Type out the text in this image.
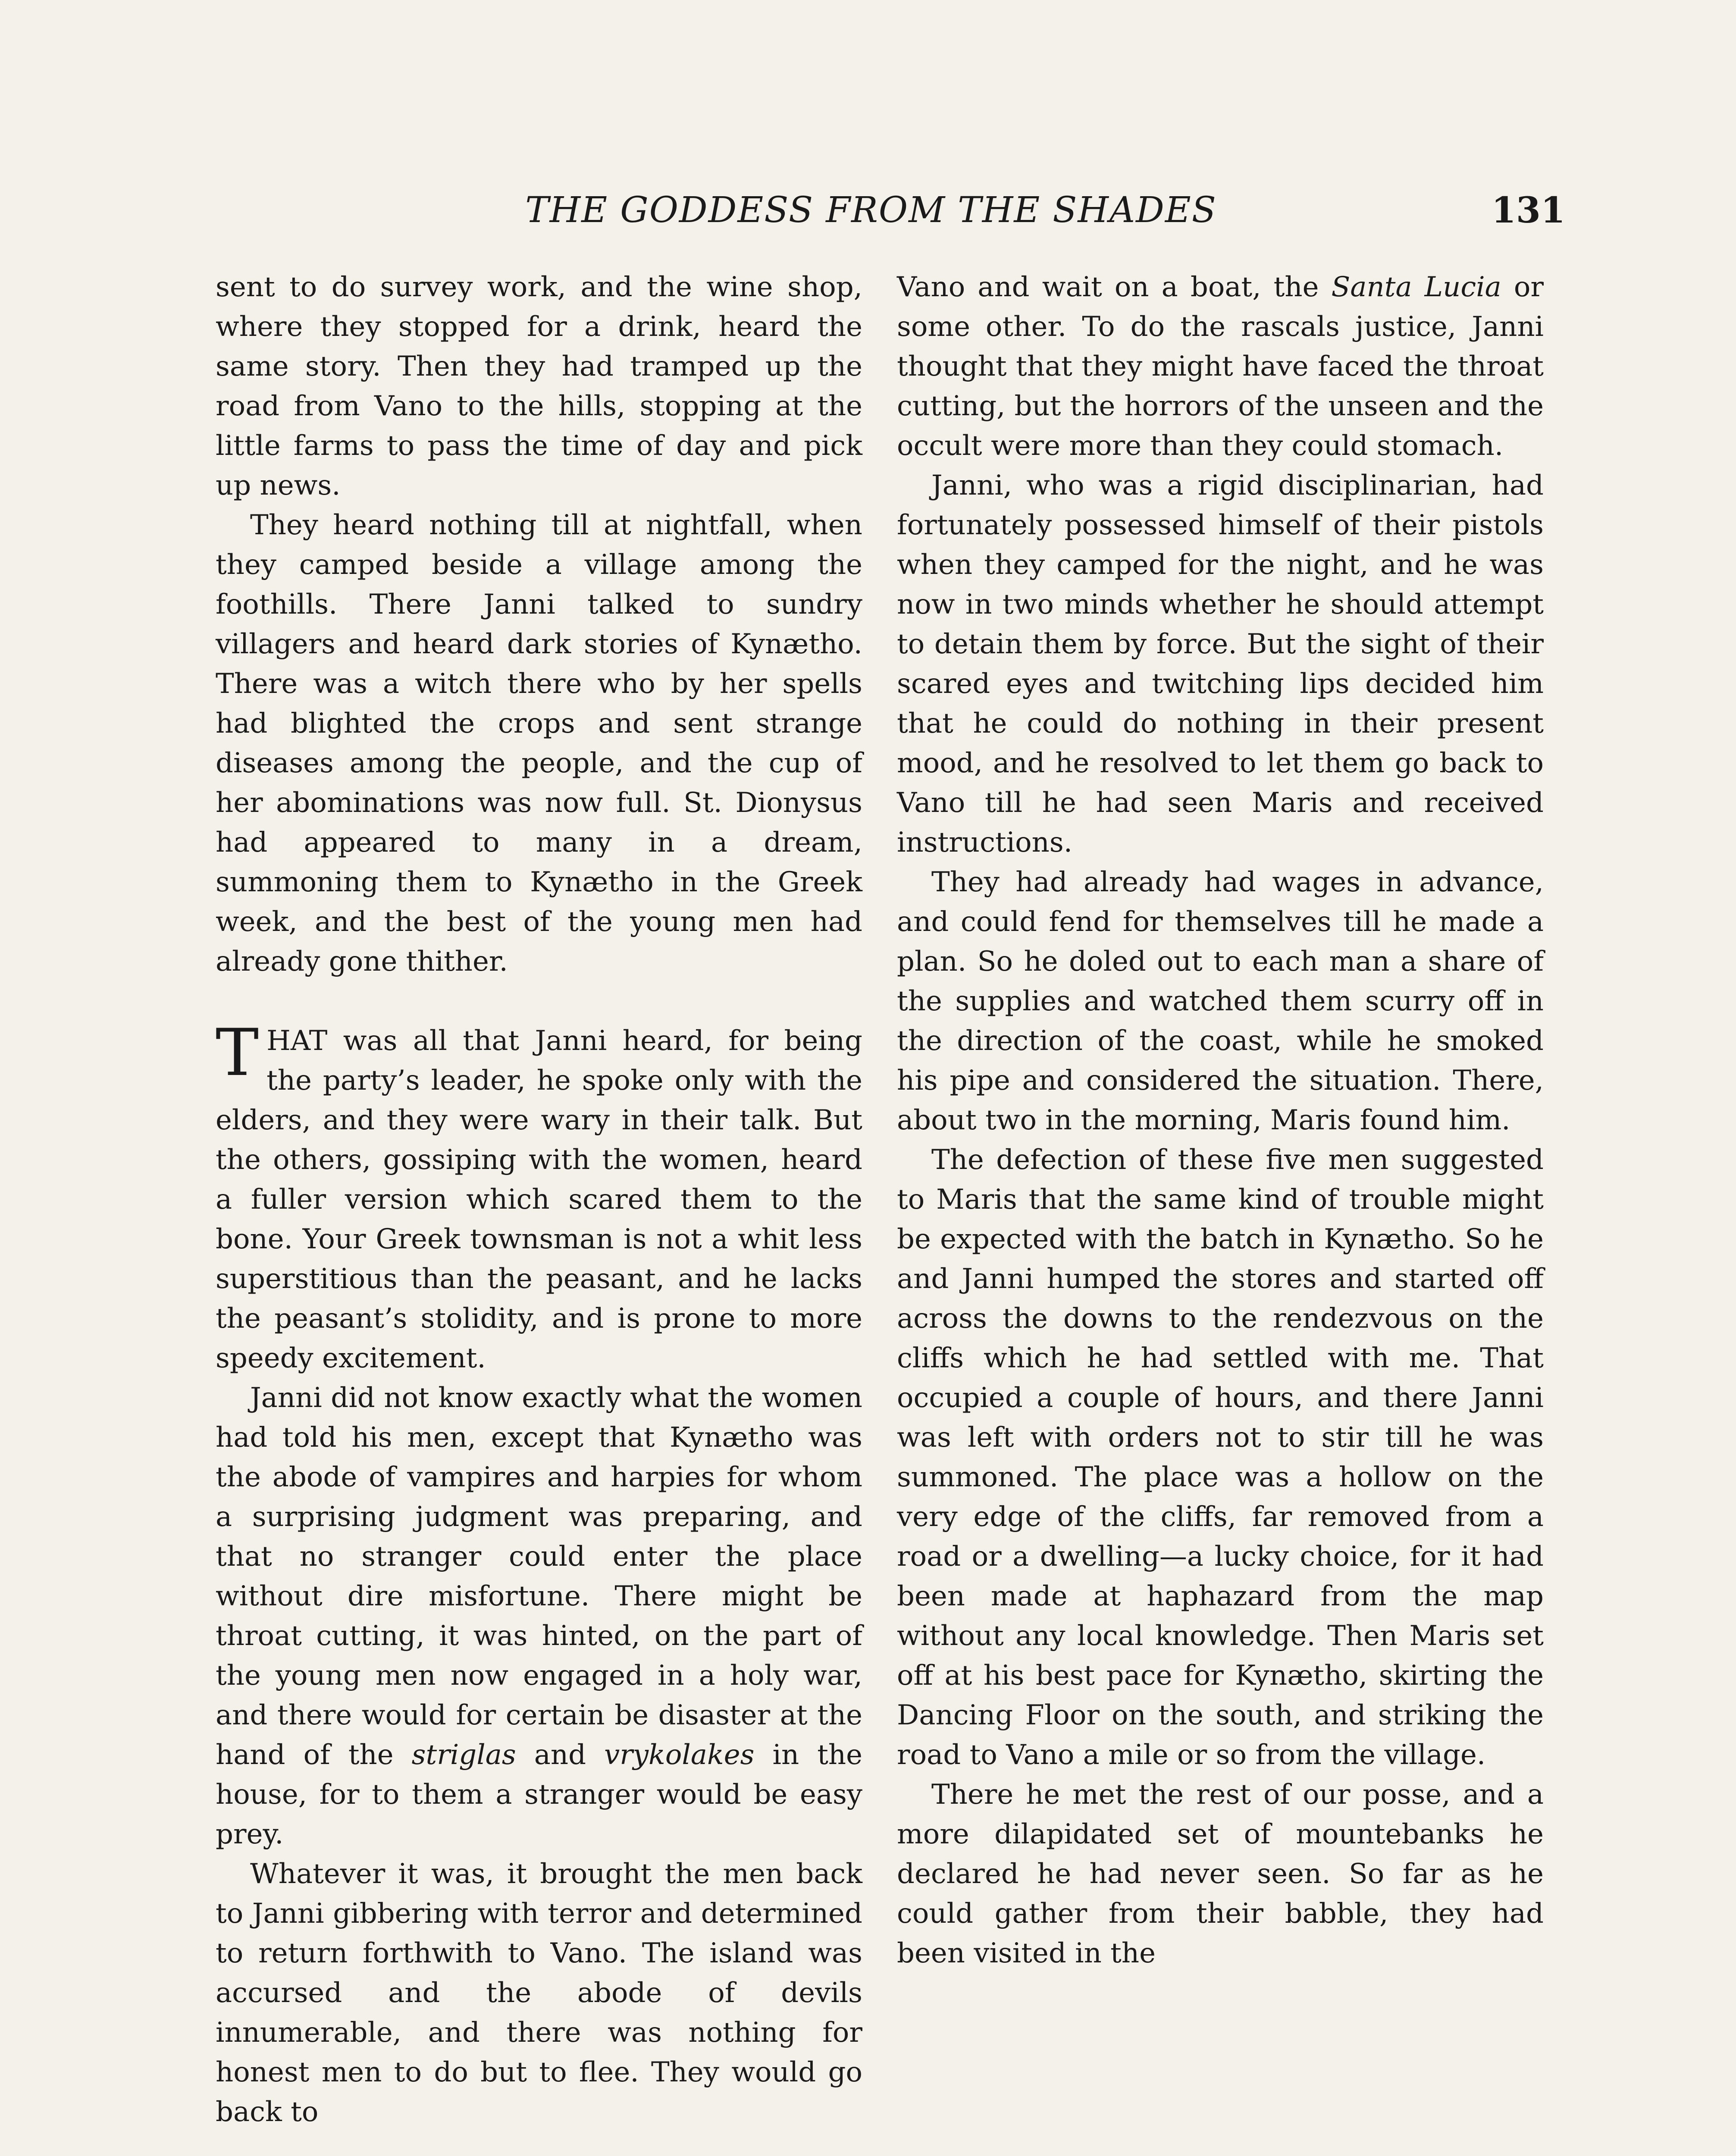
THE GODDESS FROM THE SHADES	131

sent to do survey work, and the wine shop, where they stopped for a drink, heard the same story. Then they had tramped up the road from Vano to the hills, stopping at the little farms to pass the time of day and pick up news.

They heard nothing till at nightfall, when they camped beside a village among the foothills. There Janni talked to sundry villagers and heard dark stories of Kynætho. There was a witch there who by her spells had blighted the crops and sent strange diseases among the people, and the cup of her abominations was now full. St. Dionysus had appeared to many in a dream, summoning them to Kynætho in the Greek week, and the best of the young men had already gone thither.

THAT was all that Janni heard, for being the party’s leader, he spoke only with the elders, and they were wary in their talk. But the others, gossiping with the women, heard a fuller version which scared them to the bone. Your Greek townsman is not a whit less superstitious than the peasant, and he lacks the peasant’s stolidity, and is prone to more speedy excitement.

Janni did not know exactly what the women had told his men, except that Kynætho was the abode of vampires and harpies for whom a surprising judgment was preparing, and that no stranger could enter the place without dire misfortune. There might be throat cutting, it was hinted, on the part of the young men now engaged in a holy war, and there would for certain be disaster at the hand of the striglas and vrykolakes in the house, for to them a stranger would be easy prey.

Whatever it was, it brought the men back to Janni gibbering with terror and determined to return forthwith to Vano. The island was accursed and the abode of devils innumerable, and there was nothing for honest men to do but to flee. They would go back to

Vano and wait on a boat, the Santa Lucia or some other. To do the rascals justice, Janni thought that they might have faced the throat cutting, but the horrors of the unseen and the occult were more than they could stomach.

Janni, who was a rigid disciplinarian, had fortunately possessed himself of their pistols when they camped for the night, and he was now in two minds whether he should attempt to detain them by force. But the sight of their scared eyes and twitching lips decided him that he could do nothing in their present mood, and he resolved to let them go back to Vano till he had seen Maris and received instructions.

They had already had wages in advance, and could fend for themselves till he made a plan. So he doled out to each man a share of the supplies and watched them scurry off in the direction of the coast, while he smoked his pipe and considered the situation. There, about two in the morning, Maris found him.

The defection of these five men suggested to Maris that the same kind of trouble might be expected with the batch in Kynætho. So he and Janni humped the stores and started off across the downs to the rendezvous on the cliffs which he had settled with me. That occupied a couple of hours, and there Janni was left with orders not to stir till he was summoned. The place was a hollow on the very edge of the cliffs, far removed from a road or a dwelling—a lucky choice, for it had been made at haphazard from the map without any local knowledge. Then Maris set off at his best pace for Kynætho, skirting the Dancing Floor on the south, and striking the road to Vano a mile or so from the village.

There he met the rest of our posse, and a more dilapidated set of mountebanks he declared he had never seen. So far as he could gather from their babble, they had been visited in the
